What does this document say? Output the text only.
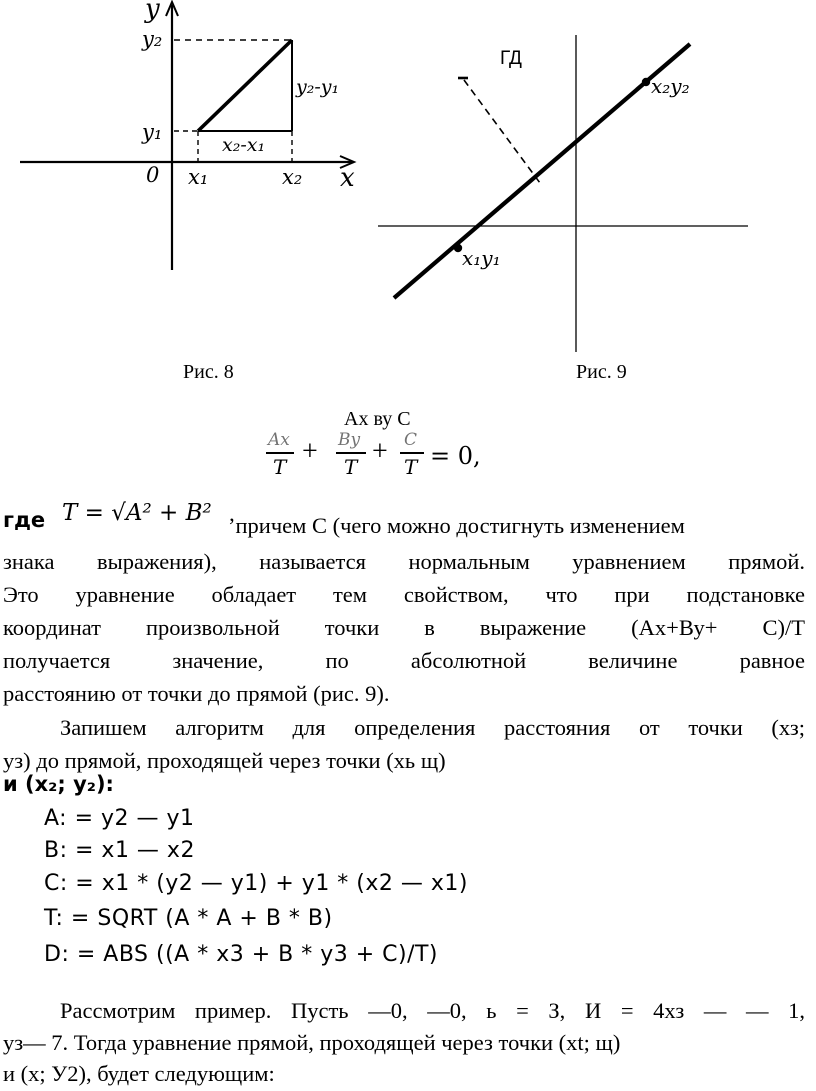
y
x
0
y₂
y₁
x₁	x₂
y₂-y₁
x₂-x₁
Рис. 8
ГД
x₂y₂
x₁y₁
Рис. 9
Ах ву С
Ax
T + By
T + C
T = 0,
где T = √A² + B² ’причем С (чего можно достигнуть изменением
знака выражения), называется нормальным уравнением прямой.
Это уравнение обладает тем свойством, что при подстановке
координат произвольной точки в выражение (Ах+Ву+ С)/Т
получается значение, по абсолютной величине равное
расстоянию от точки до прямой (рис. 9).
Запишем алгоритм для определения расстояния от точки (хз;
уз) до прямой, проходящей через точки (хь щ)
и (x₂; y₂):
A: = y2 — y1
B: = x1 — x2
C: = x1 * (y2 — y1) + y1 * (x2 — x1)
T: = SQRT (A * A + B * B)
D: = ABS ((A * x3 + B * y3 + C)/T)
Рассмотрим пример. Пусть —0, —0, ь = З, И = 4хз — — 1,
уз— 7. Тогда уравнение прямой, проходящей через точки (xt; щ)
и (х; У2), будет следующим:
